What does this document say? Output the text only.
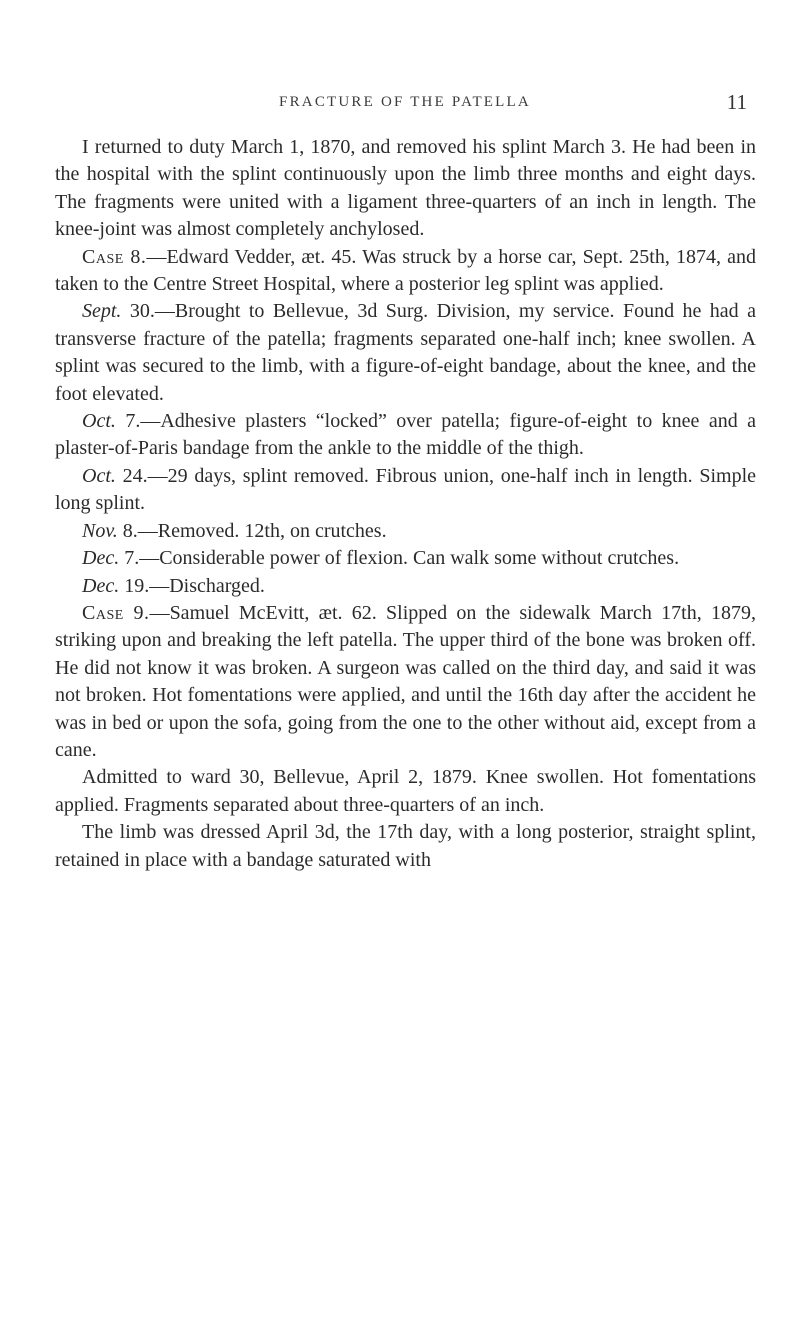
FRACTURE OF THE PATELLA	11

I returned to duty March 1, 1870, and removed his splint March 3. He had been in the hospital with the splint continuously upon the limb three months and eight days. The fragments were united with a ligament three-quarters of an inch in length. The knee-joint was almost completely anchylosed.

Case 8.—Edward Vedder, æt. 45. Was struck by a horse car, Sept. 25th, 1874, and taken to the Centre Street Hospital, where a posterior leg splint was applied.

Sept. 30.—Brought to Bellevue, 3d Surg. Division, my service. Found he had a transverse fracture of the patella; fragments separated one-half inch; knee swollen. A splint was secured to the limb, with a figure-of-eight bandage, about the knee, and the foot elevated.

Oct. 7.—Adhesive plasters “locked” over patella; figure-of-eight to knee and a plaster-of-Paris bandage from the ankle to the middle of the thigh.

Oct. 24.—29 days, splint removed. Fibrous union, one-half inch in length. Simple long splint.

Nov. 8.—Removed. 12th, on crutches.

Dec. 7.—Considerable power of flexion. Can walk some without crutches.

Dec. 19.—Discharged.

Case 9.—Samuel McEvitt, æt. 62. Slipped on the sidewalk March 17th, 1879, striking upon and breaking the left patella. The upper third of the bone was broken off. He did not know it was broken. A surgeon was called on the third day, and said it was not broken. Hot fomentations were applied, and until the 16th day after the accident he was in bed or upon the sofa, going from the one to the other without aid, except from a cane.

Admitted to ward 30, Bellevue, April 2, 1879. Knee swollen. Hot fomentations applied. Fragments separated about three-quarters of an inch.

The limb was dressed April 3d, the 17th day, with a long posterior, straight splint, retained in place with a bandage saturated with
